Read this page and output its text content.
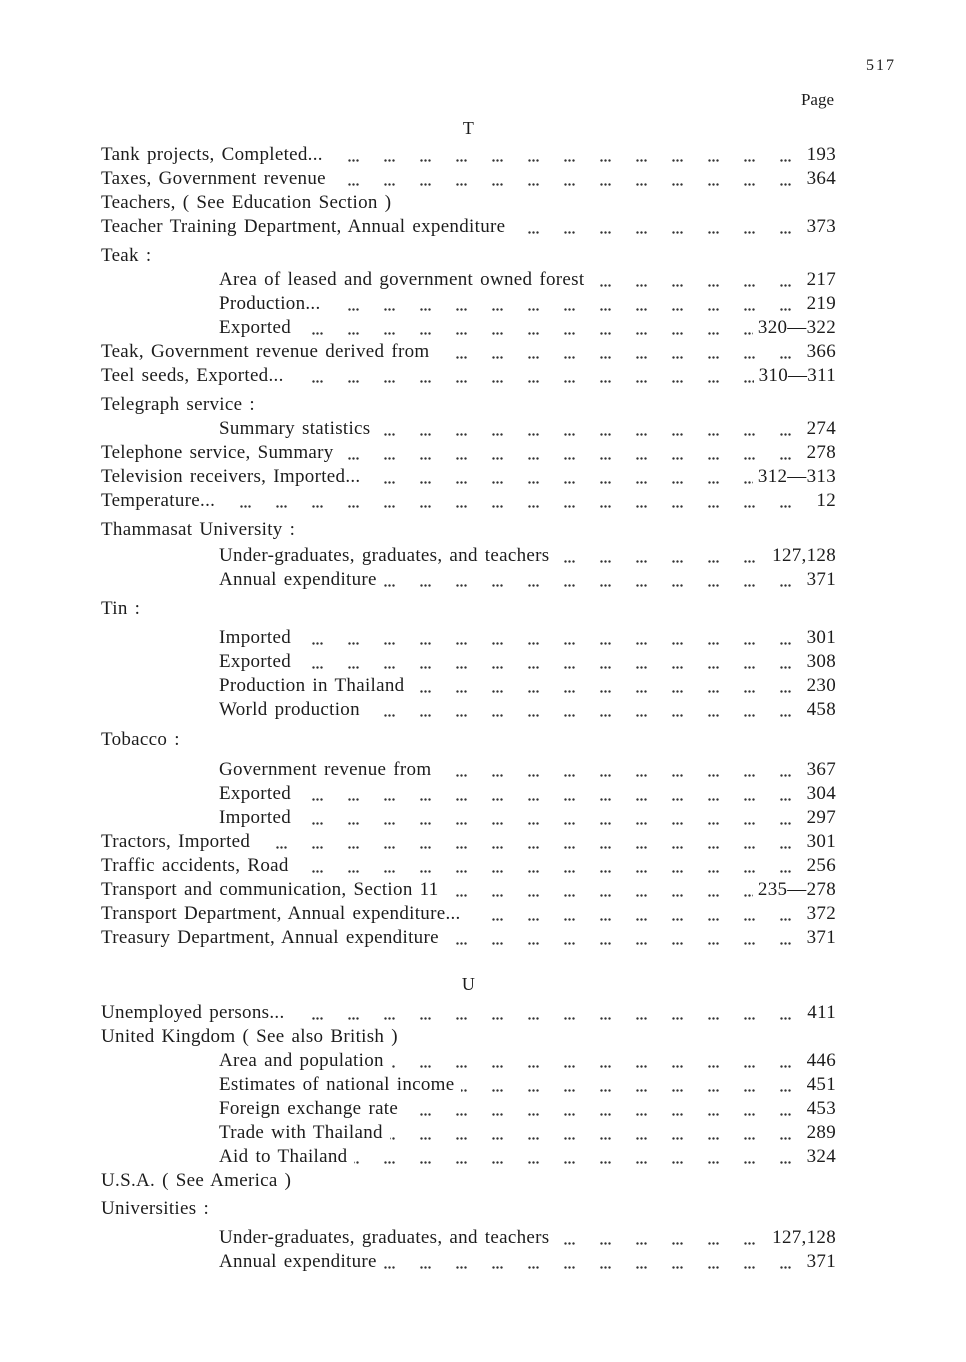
517
Page
T
Tank projects, Completed...	193
Taxes, Government revenue	364
Teachers, ( See Education Section )
Teacher Training Department, Annual expenditure	373
Teak :
Area of leased and government owned forest	217
Production...	219
Exported	320—322
Teak, Government revenue derived from	366
Teel seeds, Exported...	310—311
Telegraph service :
Summary statistics	274
Telephone service, Summary	278
Television receivers, Imported...	312—313
Temperature...	12
Thammasat University :
Under-graduates, graduates, and teachers	127,128
Annual expenditure	371
Tin :
Imported	301
Exported	308
Production in Thailand	230
World production	458
Tobacco :
Government revenue from	367
Exported	304
Imported	297
Tractors, Imported	301
Traffic accidents, Road	256
Transport and communication, Section 11	235—278
Transport Department, Annual expenditure...	372
Treasury Department, Annual expenditure	371
U
Unemployed persons...	411
United Kingdom ( See also British )
Area and population	446
Estimates of national income	451
Foreign exchange rate	453
Trade with Thailand	289
Aid to Thailand	324
U.S.A. ( See America )
Universities :
Under-graduates, graduates, and teachers	127,128
Annual expenditure	371
